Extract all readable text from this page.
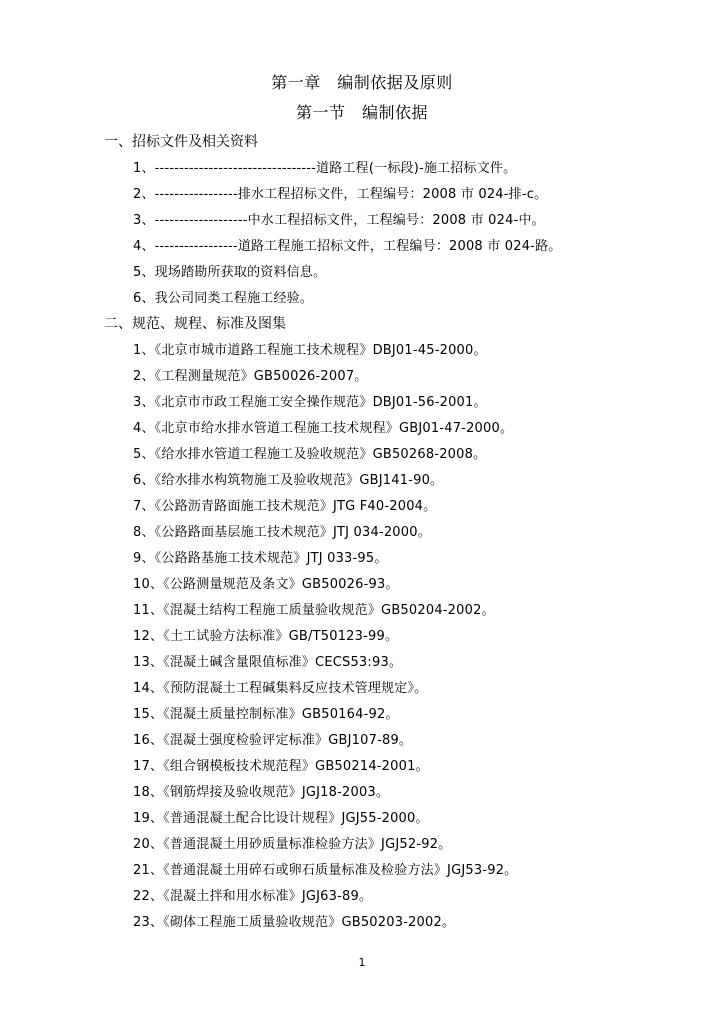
第一章　编制依据及原则
第一节　编制依据
一、招标文件及相关资料
1、---------------------------------道路工程(一标段)-施工招标文件。
2、-----------------排水工程招标文件，工程编号：2008 市 024-排-c。
3、-------------------中水工程招标文件，工程编号：2008 市 024-中。
4、-----------------道路工程施工招标文件，工程编号：2008 市 024-路。
5、现场踏勘所获取的资料信息。
6、我公司同类工程施工经验。
二、规范、规程、标准及图集
1、《北京市城市道路工程施工技术规程》DBJ01-45-2000。
2、《工程测量规范》GB50026-2007。
3、《北京市市政工程施工安全操作规范》DBJ01-56-2001。
4、《北京市给水排水管道工程施工技术规程》GBJ01-47-2000。
5、《给水排水管道工程施工及验收规范》GB50268-2008。
6、《给水排水构筑物施工及验收规范》GBJ141-90。
7、《公路沥青路面施工技术规范》JTG F40-2004。
8、《公路路面基层施工技术规范》JTJ 034-2000。
9、《公路路基施工技术规范》JTJ 033-95。
10、《公路测量规范及条文》GB50026-93。
11、《混凝土结构工程施工质量验收规范》GB50204-2002。
12、《土工试验方法标准》GB/T50123-99。
13、《混凝土碱含量限值标准》CECS53:93。
14、《预防混凝土工程碱集料反应技术管理规定》。
15、《混凝土质量控制标准》GB50164-92。
16、《混凝土强度检验评定标准》GBJ107-89。
17、《组合钢模板技术规范程》GB50214-2001。
18、《钢筋焊接及验收规范》JGJ18-2003。
19、《普通混凝土配合比设计规程》JGJ55-2000。
20、《普通混凝土用砂质量标准检验方法》JGJ52-92。
21、《普通混凝土用碎石或卵石质量标准及检验方法》JGJ53-92。
22、《混凝土拌和用水标准》JGJ63-89。
23、《砌体工程施工质量验收规范》GB50203-2002。
1
